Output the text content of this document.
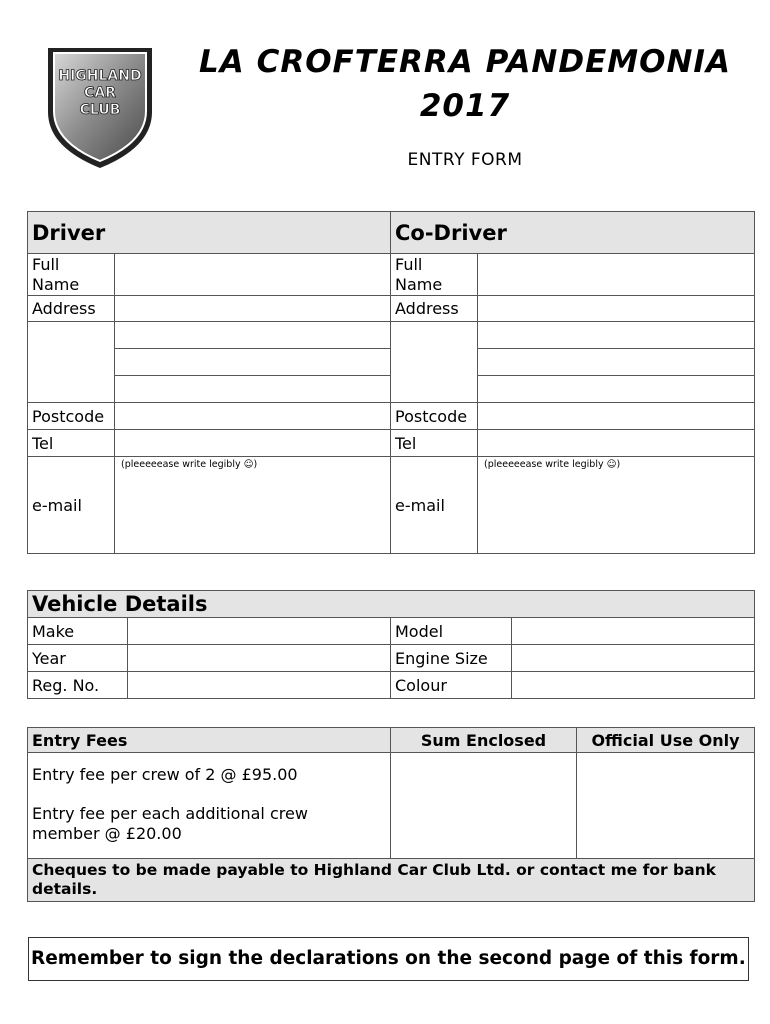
HIGHLAND
CAR
CLUB
LA CROFTERRA PANDEMONIA
2017
ENTRY FORM
Driver		Co-Driver	
Full Name		Full Name	
Address		Address	

Postcode		Postcode	
Tel		Tel	
e-mail	(pleeeeease write legibly ☺)	e-mail	(pleeeeease write legibly ☺)
Vehicle Details			
Make		Model	
Year		Engine Size	
Reg. No.		Colour	
Entry Fees	Sum Enclosed	Official Use Only

Entry fee per crew of 2 @ £95.00

Entry fee per each additional crew member @ £20.00		

Cheques to be made payable to Highland Car Club Ltd. or contact me for bank details.		
Remember to sign the declarations on the second page of this form.
